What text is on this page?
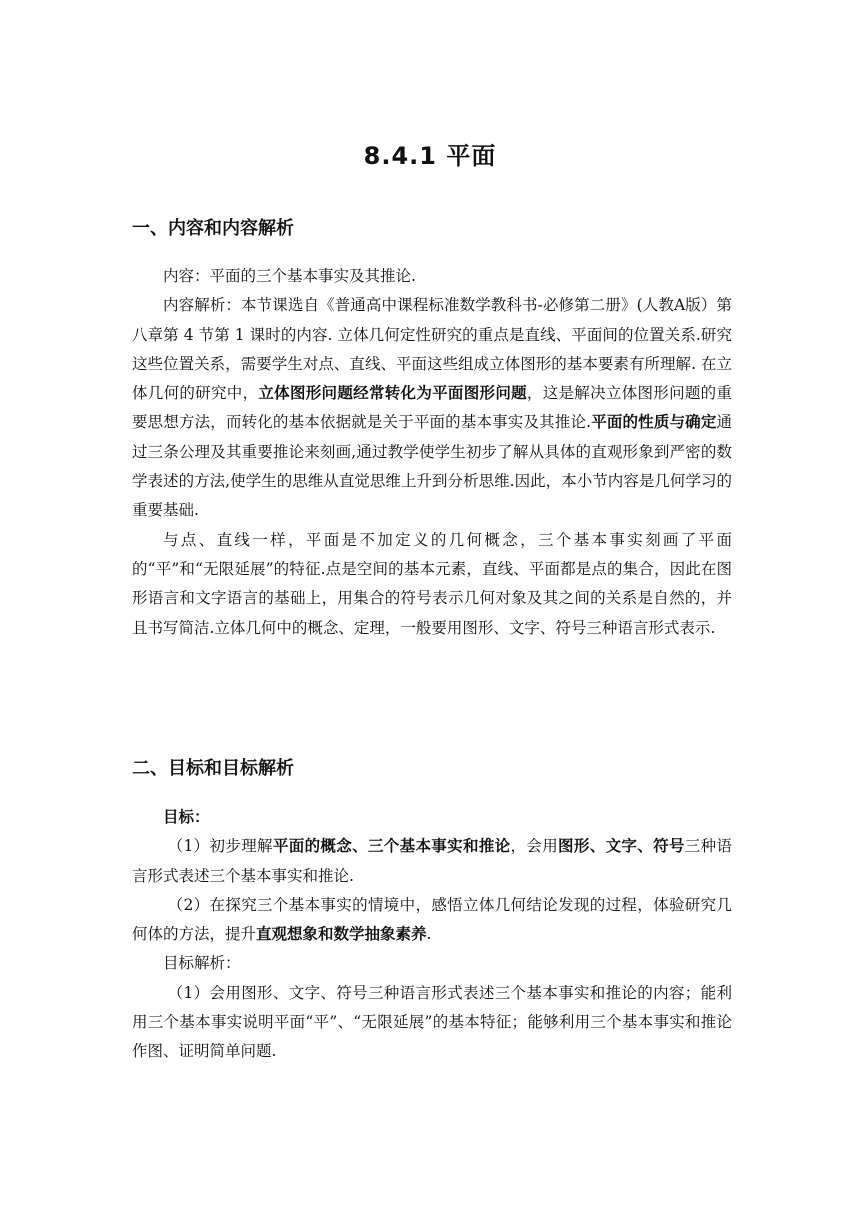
8.4.1 平面
一、内容和内容解析

内容：平面的三个基本事实及其推论.

内容解析：本节课选自《普通高中课程标准数学教科书-必修第二册》(人教A版）第八章第 4 节第 1 课时的内容. 立体几何定性研究的重点是直线、平面间的位置关系.研究这些位置关系，需要学生对点、直线、平面这些组成立体图形的基本要素有所理解. 在立体几何的研究中，立体图形问题经常转化为平面图形问题，这是解决立体图形问题的重要思想方法，而转化的基本依据就是关于平面的基本事实及其推论.平面的性质与确定通过三条公理及其重要推论来刻画,通过教学使学生初步了解从具体的直观形象到严密的数学表述的方法,使学生的思维从直觉思维上升到分析思维.因此，本小节内容是几何学习的重要基础.

与点、直线一样，平面是不加定义的几何概念，三个基本事实刻画了平面的“平”和“无限延展”的特征.点是空间的基本元素，直线、平面都是点的集合，因此在图形语言和文字语言的基础上，用集合的符号表示几何对象及其之间的关系是自然的，并且书写简洁.立体几何中的概念、定理，一般要用图形、文字、符号三种语言形式表示.

二、目标和目标解析

目标：

（1）初步理解平面的概念、三个基本事实和推论，会用图形、文字、符号三种语言形式表述三个基本事实和推论.

（2）在探究三个基本事实的情境中，感悟立体几何结论发现的过程，体验研究几何体的方法，提升直观想象和数学抽象素养.

目标解析：

（1）会用图形、文字、符号三种语言形式表述三个基本事实和推论的内容；能利用三个基本事实说明平面“平”、“无限延展”的基本特征；能够利用三个基本事实和推论作图、证明简单问题.
